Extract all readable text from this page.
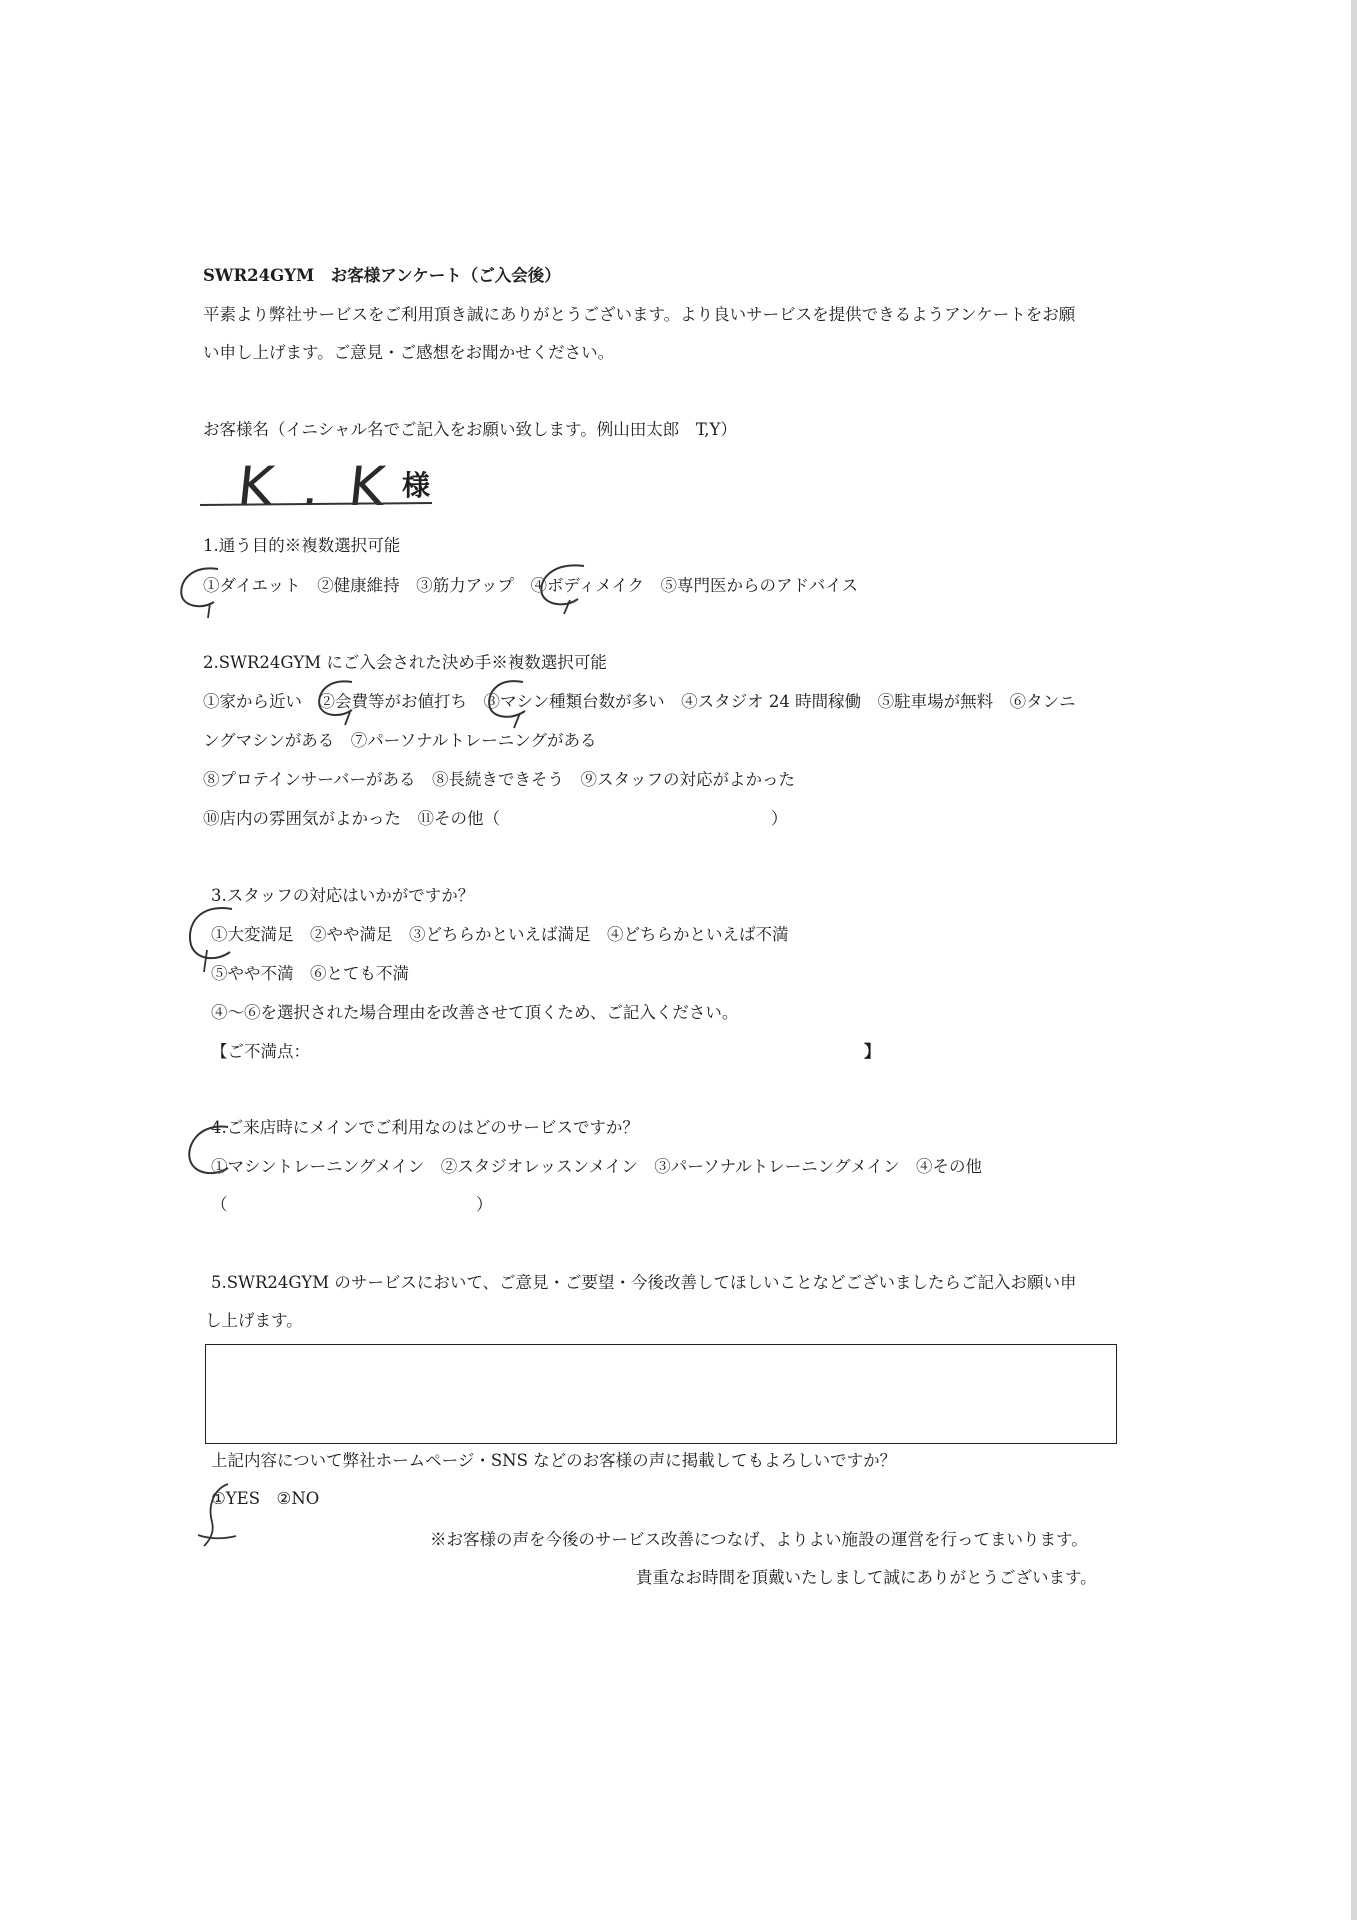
SWR24GYM　お客様アンケート（ご入会後）
平素より弊社サービスをご利用頂き誠にありがとうございます。より良いサービスを提供できるようアンケートをお願
い申し上げます。ご意見・ご感想をお聞かせください。
お客様名（イニシャル名でご記入をお願い致します。例山田太郎　T,Y）
K . K 様
1.通う目的※複数選択可能
①ダイエット　②健康維持　③筋力アップ　④ボディメイク　⑤専門医からのアドバイス
2.SWR24GYM にご入会された決め手※複数選択可能
①家から近い　②会費等がお値打ち　③マシン種類台数が多い　④スタジオ 24 時間稼働　⑤駐車場が無料　⑥タンニ
ングマシンがある　⑦パーソナルトレーニングがある
⑧プロテインサーバーがある　⑧長続きできそう　⑨スタッフの対応がよかった
⑩店内の雰囲気がよかった　⑪その他（	）
3.スタッフの対応はいかがですか？
①大変満足　②やや満足　③どちらかといえば満足　④どちらかといえば不満
⑤やや不満　⑥とても不満
④～⑥を選択された場合理由を改善させて頂くため、ご記入ください。
【ご不満点：	】
4.ご来店時にメインでご利用なのはどのサービスですか？
①マシントレーニングメイン　②スタジオレッスンメイン　③パーソナルトレーニングメイン　④その他
（	）
5.SWR24GYM のサービスにおいて、ご意見・ご要望・今後改善してほしいことなどございましたらご記入お願い申
し上げます。
上記内容について弊社ホームページ・SNS などのお客様の声に掲載してもよろしいですか？
①YES　②NO
※お客様の声を今後のサービス改善につなげ、よりよい施設の運営を行ってまいります。
貴重なお時間を頂戴いたしまして誠にありがとうございます。
